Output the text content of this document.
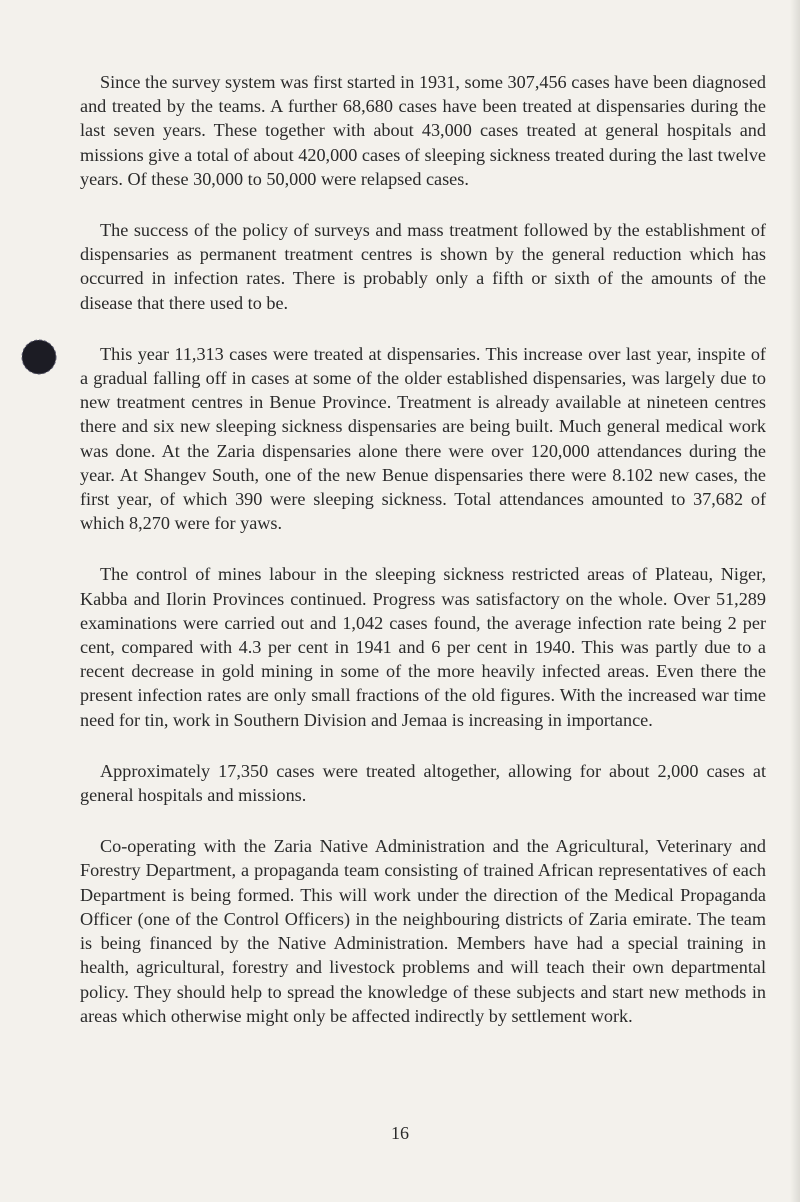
Since the survey system was first started in 1931, some 307,456 cases have been diagnosed and treated by the teams. A further 68,680 cases have been treated at dispensaries during the last seven years. These together with about 43,000 cases treated at general hospitals and missions give a total of about 420,000 cases of sleeping sickness treated during the last twelve years. Of these 30,000 to 50,000 were relapsed cases.

The success of the policy of surveys and mass treatment followed by the establishment of dispensaries as permanent treatment centres is shown by the general reduction which has occurred in infection rates. There is probably only a fifth or sixth of the amounts of the disease that there used to be.

This year 11,313 cases were treated at dispensaries. This increase over last year, inspite of a gradual falling off in cases at some of the older established dispensaries, was largely due to new treatment centres in Benue Province. Treatment is already available at nineteen centres there and six new sleeping sickness dispensaries are being built. Much general medical work was done. At the Zaria dispensaries alone there were over 120,000 attendances during the year. At Shangev South, one of the new Benue dispensaries there were 8.102 new cases, the first year, of which 390 were sleeping sickness. Total attendances amounted to 37,682 of which 8,270 were for yaws.

The control of mines labour in the sleeping sickness restricted areas of Plateau, Niger, Kabba and Ilorin Provinces continued. Progress was satisfactory on the whole. Over 51,289 examinations were carried out and 1,042 cases found, the average infection rate being 2 per cent, compared with 4.3 per cent in 1941 and 6 per cent in 1940. This was partly due to a recent decrease in gold mining in some of the more heavily infected areas. Even there the present infection rates are only small fractions of the old figures. With the increased war time need for tin, work in Southern Division and Jemaa is increasing in importance.

Approximately 17,350 cases were treated altogether, allowing for about 2,000 cases at general hospitals and missions.

Co-operating with the Zaria Native Administration and the Agricultural, Veterinary and Forestry Department, a propaganda team consisting of trained African representatives of each Department is being formed. This will work under the direction of the Medical Propaganda Officer (one of the Control Officers) in the neighbouring districts of Zaria emirate. The team is being financed by the Native Administration. Members have had a special training in health, agricultural, forestry and livestock problems and will teach their own departmental policy. They should help to spread the knowledge of these subjects and start new methods in areas which otherwise might only be affected indirectly by settlement work.

16
